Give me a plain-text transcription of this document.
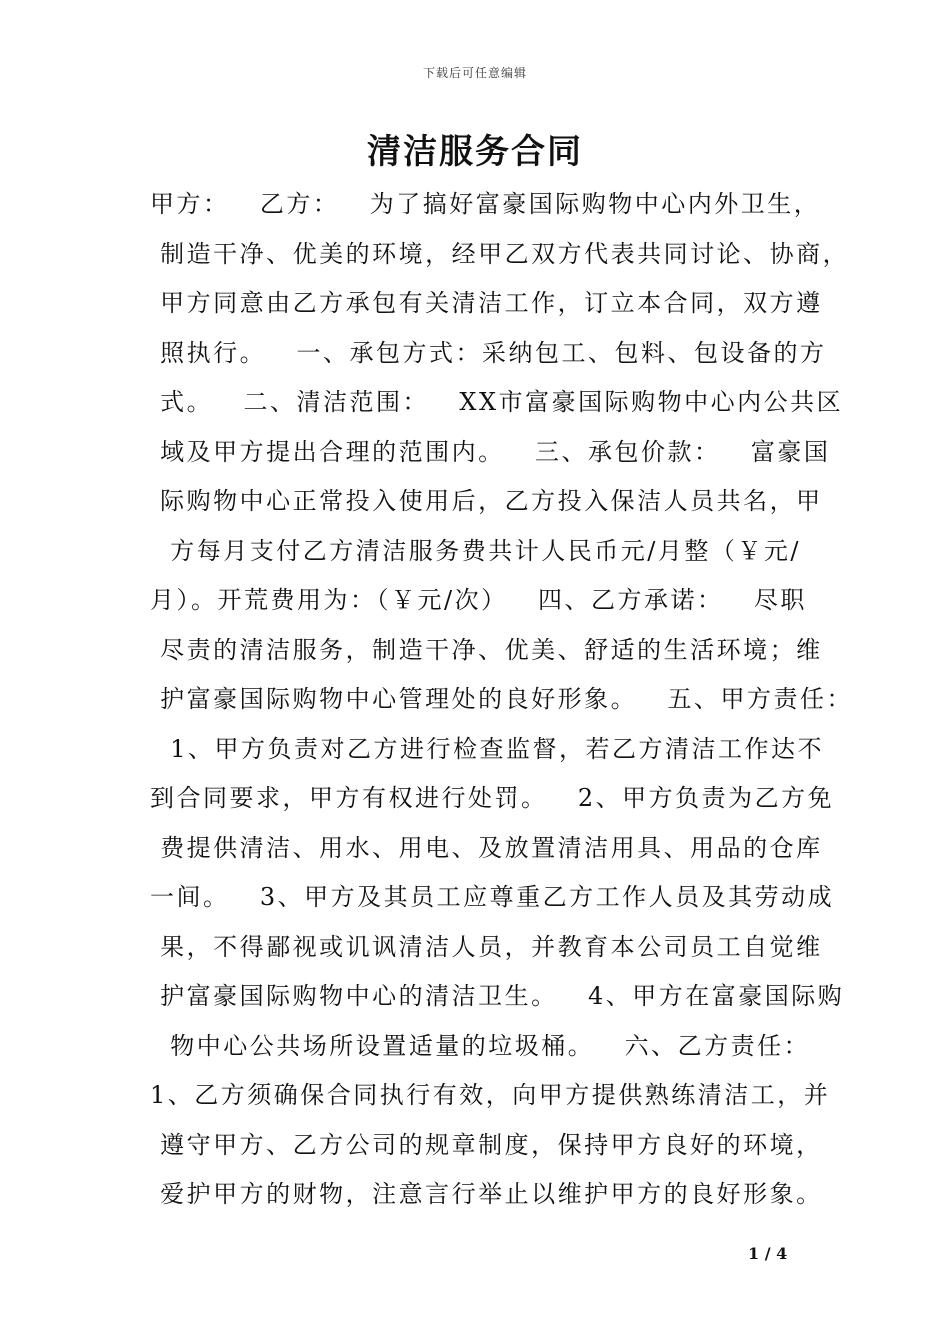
下载后可任意编辑
清洁服务合同
甲方：   乙方：   为了搞好富豪国际购物中心内外卫生，
制造干净、优美的环境，经甲乙双方代表共同讨论、协商，
甲方同意由乙方承包有关清洁工作，订立本合同，双方遵
照执行。   一、承包方式：采纳包工、包料、包设备的方
式。   二、清洁范围：   XX市富豪国际购物中心内公共区
域及甲方提出合理的范围内。   三、承包价款：   富豪国
际购物中心正常投入使用后，乙方投入保洁人员共名，甲
方每月支付乙方清洁服务费共计人民币元/月整（￥元/
月）。开荒费用为：（￥元/次）   四、乙方承诺：   尽职
尽责的清洁服务，制造干净、优美、舒适的生活环境；维
护富豪国际购物中心管理处的良好形象。   五、甲方责任：
1、甲方负责对乙方进行检查监督，若乙方清洁工作达不
到合同要求，甲方有权进行处罚。   2、甲方负责为乙方免
费提供清洁、用水、用电、及放置清洁用具、用品的仓库
一间。   3、甲方及其员工应尊重乙方工作人员及其劳动成
果，不得鄙视或讥讽清洁人员，并教育本公司员工自觉维
护富豪国际购物中心的清洁卫生。   4、甲方在富豪国际购
物中心公共场所设置适量的垃圾桶。   六、乙方责任：
1、乙方须确保合同执行有效，向甲方提供熟练清洁工，并
遵守甲方、乙方公司的规章制度，保持甲方良好的环境，
爱护甲方的财物，注意言行举止以维护甲方的良好形象。
1 / 4
